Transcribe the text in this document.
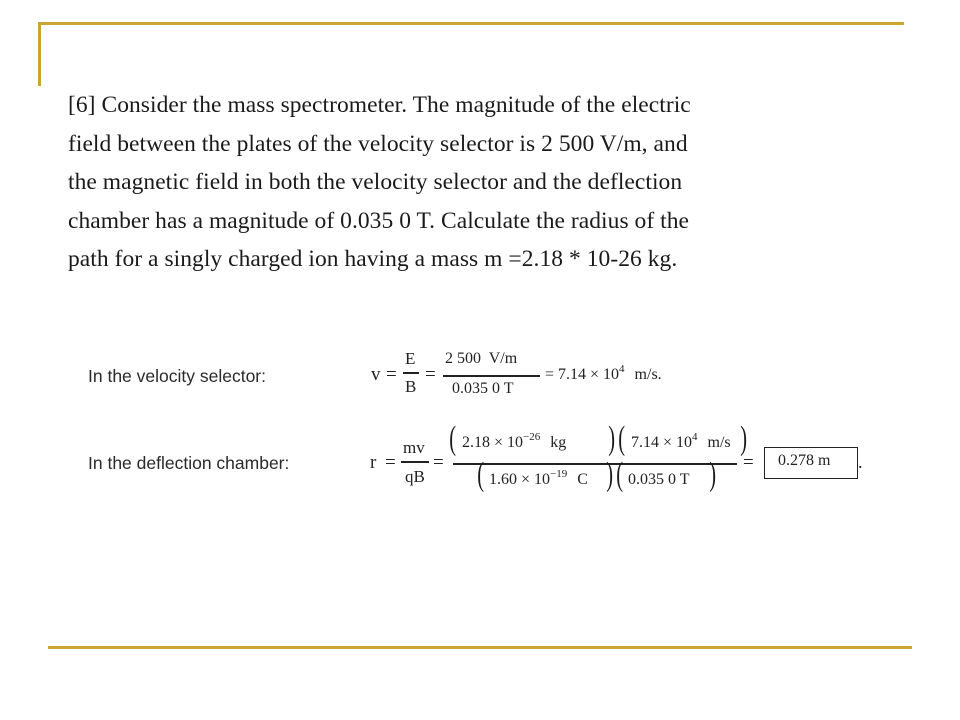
[6] Consider the mass spectrometer. The magnitude of the electric
field between the plates of the velocity selector is 2 500 V/m, and
the magnetic field in both the velocity selector and the deflection
chamber has a magnitude of 0.035 0 T. Calculate the radius of the
path for a singly charged ion having a mass m =2.18 * 10-26 kg.
In the velocity selector:	v =
E
B
=
2 500  V/m
0.035 0 T
= $7.14 \times 10^4$ m/s.
In the deflection chamber:	r =
mv
qB
=
( $2.18 \times 10^{-26}$ kg ) ( $7.14 \times 10^4$ m/s )
( $1.60 \times 10^{-19}$ C ) ( 0.035 0 T ) = 0.278 m .
